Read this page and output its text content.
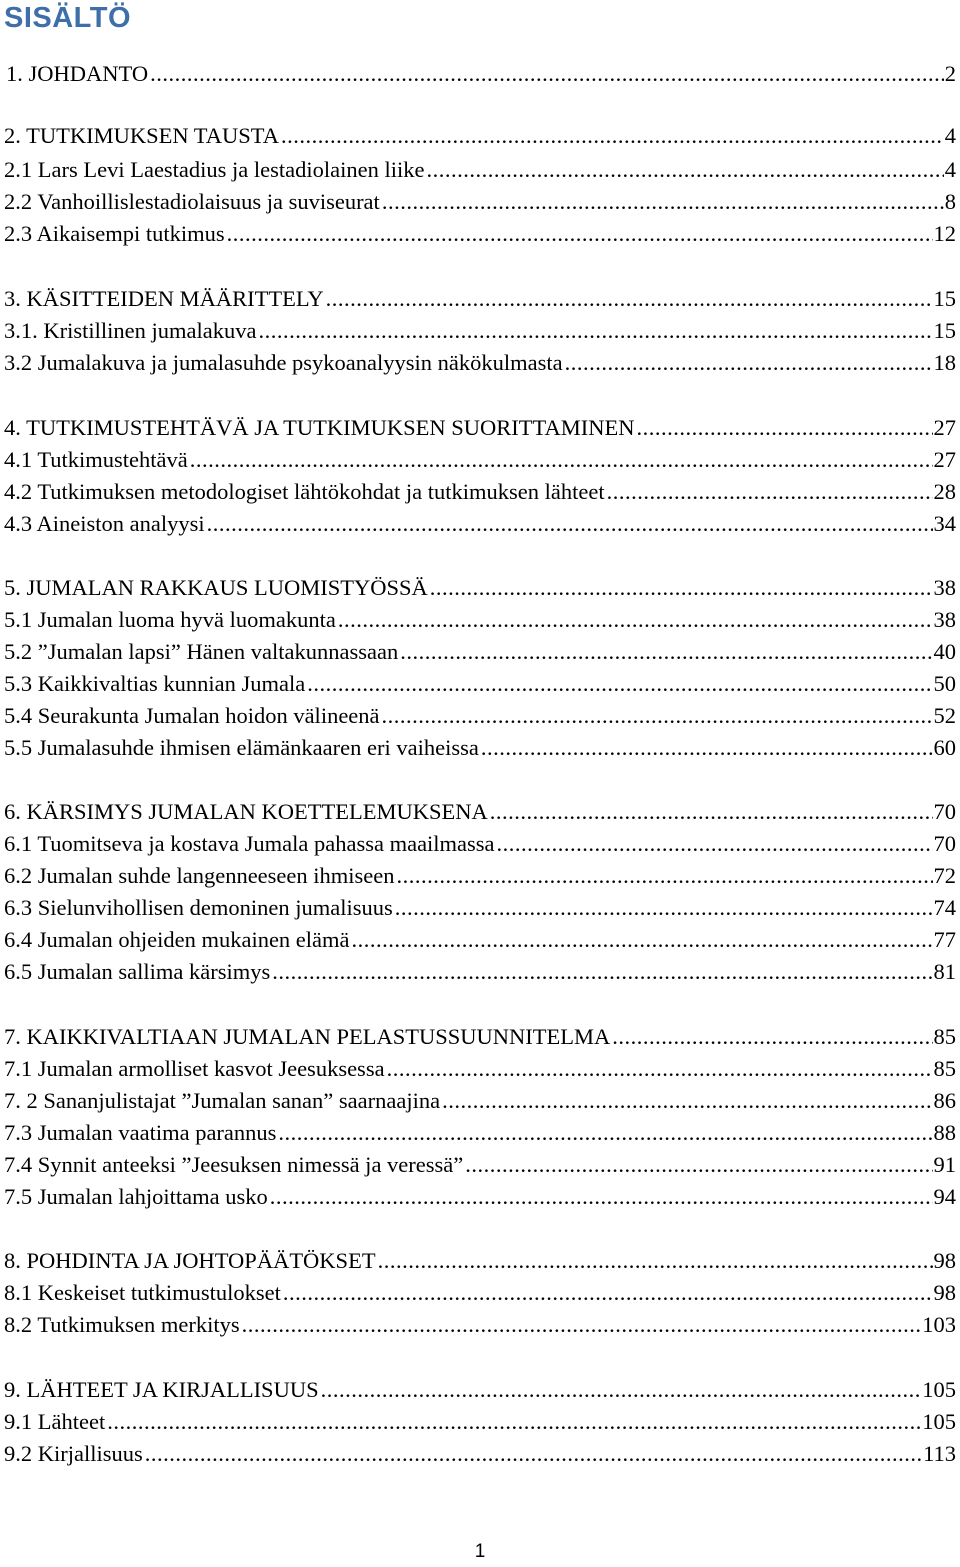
SISÄLTÖ
1. JOHDANTO .....	2
2. TUTKIMUKSEN TAUSTA .....	4
2.1 Lars Levi Laestadius ja lestadiolainen liike .....	4
2.2 Vanhoillislestadiolaisuus ja suviseurat .....	8
2.3 Aikaisempi tutkimus .....	12
3. KÄSITTEIDEN MÄÄRITTELY .....	15
3.1. Kristillinen jumalakuva .....	15
3.2 Jumalakuva ja jumalasuhde psykoanalyysin näkökulmasta .....	18
4. TUTKIMUSTEHTÄVÄ JA TUTKIMUKSEN SUORITTAMINEN .....	27
4.1 Tutkimustehtävä .....	27
4.2 Tutkimuksen metodologiset lähtökohdat ja tutkimuksen lähteet .....	28
4.3 Aineiston analyysi .....	34
5. JUMALAN RAKKAUS LUOMISTYÖSSÄ .....	38
5.1 Jumalan luoma hyvä luomakunta .....	38
5.2 ”Jumalan lapsi” Hänen valtakunnassaan .....	40
5.3 Kaikkivaltias kunnian Jumala .....	50
5.4 Seurakunta Jumalan hoidon välineenä .....	52
5.5 Jumalasuhde ihmisen elämänkaaren eri vaiheissa .....	60
6. KÄRSIMYS JUMALAN KOETTELEMUKSENA .....	70
6.1 Tuomitseva ja kostava Jumala pahassa maailmassa .....	70
6.2 Jumalan suhde langenneeseen ihmiseen .....	72
6.3 Sielunvihollisen demoninen jumalisuus .....	74
6.4 Jumalan ohjeiden mukainen elämä .....	77
6.5 Jumalan sallima kärsimys .....	81
7. KAIKKIVALTIAAN JUMALAN PELASTUSSUUNNITELMA .....	85
7.1 Jumalan armolliset kasvot Jeesuksessa .....	85
7. 2 Sananjulistajat ”Jumalan sanan” saarnaajina .....	86
7.3 Jumalan vaatima parannus .....	88
7.4 Synnit anteeksi ”Jeesuksen nimessä ja veressä” .....	91
7.5 Jumalan lahjoittama usko .....	94
8. POHDINTA JA JOHTOPÄÄTÖKSET .....	98
8.1 Keskeiset tutkimustulokset .....	98
8.2 Tutkimuksen merkitys .....	103
9. LÄHTEET JA KIRJALLISUUS .....	105
9.1 Lähteet .....	105
9.2 Kirjallisuus .....	113
1
